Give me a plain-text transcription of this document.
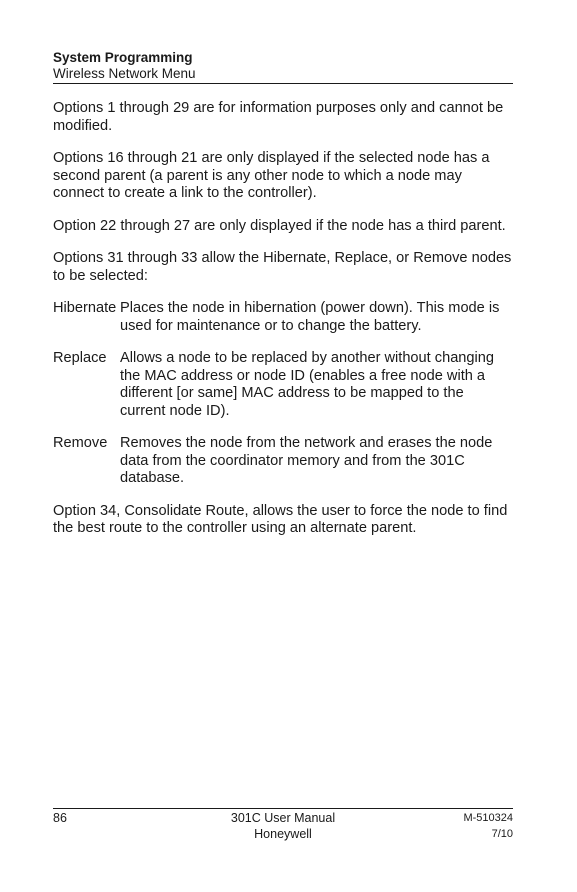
System Programming
Wireless Network Menu

Options 1 through 29 are for information purposes only and cannot be modified.

Options 16 through 21 are only displayed if the selected node has a second parent (a parent is any other node to which a node may connect to create a link to the controller).

Option 22 through 27 are only displayed if the node has a third parent.

Options 31 through 33 allow the Hibernate, Replace, or Remove nodes to be selected:

Hibernate Places the node in hibernation (power down). This mode is used for maintenance or to change the battery.
Replace Allows a node to be replaced by another without changing the MAC address or node ID (enables a free node with a different [or same] MAC address to be mapped to the current node ID).
Remove Removes the node from the network and erases the node data from the coordinator memory and from the 301C database.

Option 34, Consolidate Route, allows the user to force the node to find the best route to the controller using an alternate parent.

86	301C User Manual
Honeywell
M-510324
7/10
